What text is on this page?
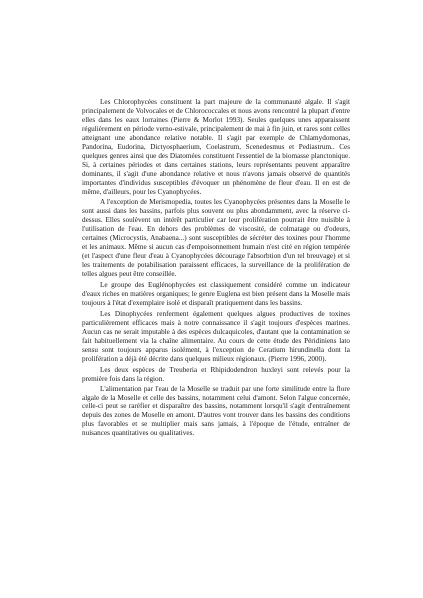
Les Chlorophycées constituent la part majeure de la communauté algale. Il s'agit principalement de Volvocales et de Chlorococcales et nous avons rencontré la plupart d'entre elles dans les eaux lorraines (Pierre & Morlot 1993). Seules quelques unes apparaissent régulièrement en période verno-estivale, principalement de mai à fin juin, et rares sont celles atteignant une abondance relative notable. Il s'agit par exemple de Chlamydomonas, Pandorina, Eudorina, Dictyosphaerium, Coelastrum, Scenedesmus et Pediastrum.. Ces quelques genres ainsi que des Diatomées constituent l'essentiel de la biomasse planctonique. Si, à certaines périodes et dans certaines stations, leurs représentants peuvent apparaître dominants, il s'agit d'une abondance relative et nous n'avons jamais observé de quantités importantes d'individus susceptibles d'évoquer un phénomène de fleur d'eau. Il en est de même, d'ailleurs, pour les Cyanophycées.

A l'exception de Merismopedia, toutes les Cyanophycées présentes dans la Moselle le sont aussi dans les bassins, parfois plus souvent ou plus abondamment, avec la réserve ci-dessus. Elles soulèvent un intérêt particulier car leur prolifération pourrait être nuisible à l'utilisation de l'eau. En dehors des problèmes de viscosité, de colmatage ou d'odeurs, certaines (Microcystis, Anabaena...) sont susceptibles de sécréter des toxines pour l'homme et les animaux. Même si aucun cas d'empoisonnement humain n'est cité en région tempérée (et l'aspect d'une fleur d'eau à Cyanophycées décourage l'absorbtion d'un tel breuvage) et si les traitements de potabilisation paraissent efficaces, la surveillance de la prolifération de telles algues peut être conseillée.

Le groupe des Euglénophycées est classiquement considéré comme un indicateur d'eaux riches en matières organiques; le genre Euglena est bien présent dans la Moselle mais toujours à l'état d'exemplaire isolé et disparaît pratiquement dans les bassins.

Les Dinophycées renferment également quelques algues productives de toxines particulièrement efficaces mais à notre connaissance il s'agit toujours d'espèces marines. Aucun cas ne serait imputable à des espèces dulcaquicoles, d'autant que la contamination se fait habituellement via la chaîne alimentaire. Au cours de cette étude des Péridiniens lato sensu sont toujours apparus isolément, à l'exception de Ceratium hirundinella dont la prolifération a déjà été décrite dans quelques milieux régionaux. (Pierre 1996, 2000).

Les deux espèces de Treuberia et Rhipidodendron huxleyi sont relevés pour la première fois dans la région.

L'alimentation par l'eau de la Moselle se traduit par une forte similitude entre la flore algale de la Moselle et celle des bassins, notamment celui d'amont. Selon l'algue concernée, celle-ci peut se raréfier et disparaître des bassins, notamment lorsqu'il s'agit d'entraînement depuis des zones de Moselle en amont. D'autres vont trouver dans les bassins des conditions plus favorables et se multiplier mais sans jamais, à l'époque de l'étude, entraîner de nuisances quantitatives ou qualitatives.
